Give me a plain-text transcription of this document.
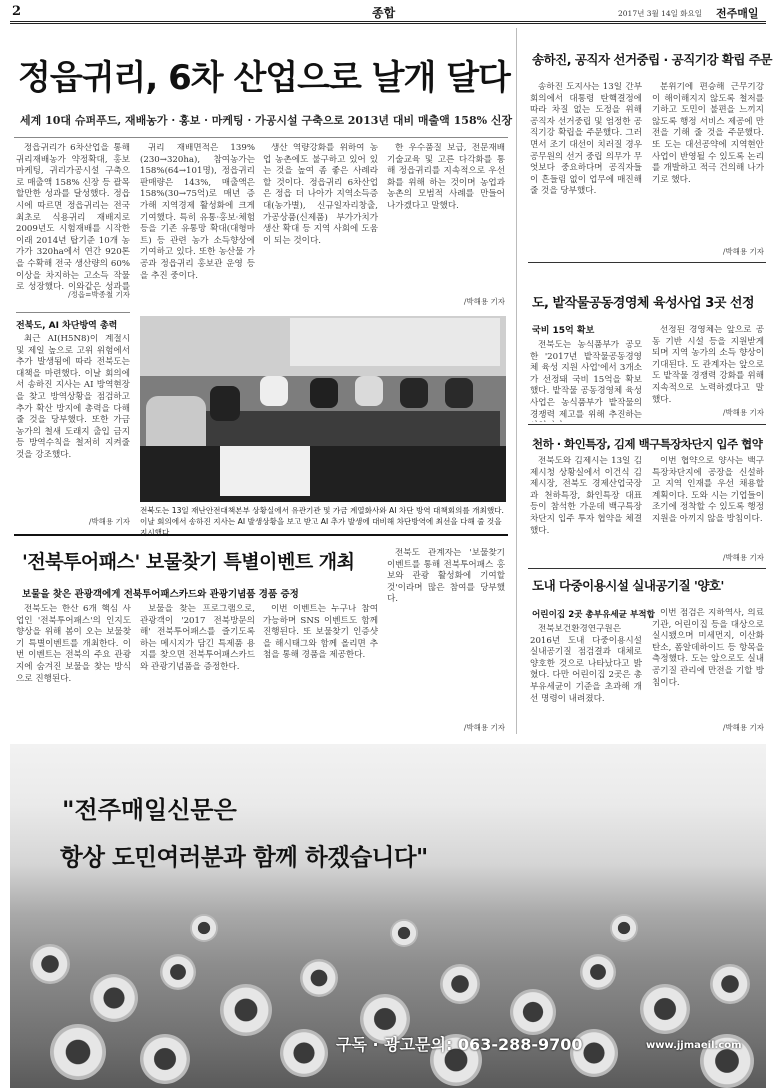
2	종합	2017년 3월 14일 화요일 전주매일
정읍귀리, 6차 산업으로 날개 달다
세계 10대 슈퍼푸드, 재배농가 · 홍보 · 마케팅 · 가공시설 구축으로 2013년 대비 매출액 158% 신장

정읍귀리가 6차산업을 통해 귀리재배농가 약정확대, 홍보마케팅, 귀리가공시설 구축으로 매출액 158% 신장 등 괄목할만한 성과를 달성했다. 정읍시에 따르면 정읍귀리는 전국 최초로 식용귀리 재배지로 2009년도 시험재배를 시작한 이래 2014년 탑기준 10개 농가가 320ha에서 연간 920톤을 수확해 전국 생산량의 60%이상을 차지하는 고소득 작물로 성장했다. 이와같은 성과를

귀리 재배면적은 139%(230→320ha), 참여농가는 158%(64→101명), 정읍귀리판매량은 143%, 매출액은 158%(30→75억)로 매년 증가해 지역경제 활성화에 크게 기여했다. 특히 유통·홍보·체험 등을 기존 유통망 확대(대형마트) 등 관련 농가 소득향상에 기여하고 있다. 또한 농산물 가공과 정읍귀리 홍보관 운영 등을 추진 중이다.

생산 역량강화를 위하여 농업 농촌에도 불구하고 있어 있는 것을 높여 좀 좋은 사례라 할 것이다. 정읍귀리 6차산업은 정읍 더 나아가 지역소득증대(농가별), 신규일자리창출, 가공상품(신제품) 부가가치가 생산 확대 등 지역 사회에 도움이 되는 것이다.

한 우수품질 보급, 전문재배기술교육 및 고른 다각화를 통해 정읍귀리를 지속적으로 우선화를 위해 하는 것이며 농업과 농촌의 모범적 사례를 만들어 나가겠다고 말했다.

/정읍=박종철 기자
/박해용 기자
전북도, AI 차단방역 총력

최근 AI(H5N8)이 계절시 및 제일 높으로 고위 위험에서 추가 발생됨에 따라 전북도는 대책을 마련했다. 이날 회의에서 송하진 지사는 AI 방역현장을 찾고 방역상황을 점검하고 추가 확산 방지에 총력을 다해 줄 것을 당부했다. 또한 가금 농가의 철새 도래지 출입 금지 등 방역수칙을 철저히 지켜줄 것을 강조했다.

/박해용 기자
전북도는 13일 재난안전대책본부 상황실에서 유관기관 및 가금 계열화사와 AI 차단 방역 대책회의를 개최했다. 이날 회의에서 송하진 지사는 AI 발생상황을 보고 받고 AI 추가 발생에 대비해 차단방역에 최선을 다해 줄 것을 지시했다.
'전북투어패스' 보물찾기 특별이벤트 개최
보물을 찾은 관광객에게 전북투어패스카드와 관광기념품 경품 증정

전북도는 한산 6개 핵심 사업인 '전북투어패스'의 인지도 향상을 위해 봄이 오는 보물찾기 특별이벤트를 개최한다. 이번 이벤트는 전북의 주요 관광지에 숨겨진 보물을 찾는 방식으로 진행된다.

보물을 찾는 프로그램으로, 관광객이 '2017 전북방문의 해' 전북투어패스를 즐기도록 하는 메시지가 담긴 특제품 용지를 찾으면 전북투어패스카드와 관광기념품을 증정한다.

이번 이벤트는 누구나 참여 가능하며 SNS 이벤트도 함께 진행된다. 또 보물찾기 인증샷을 해시태그와 함께 올리면 추첨을 통해 경품을 제공한다.

전북도 관계자는 '보물찾기 이벤트를 통해 전북투어패스 홍보와 관광 활성화에 기여할 것'이라며 많은 참여를 당부했다.

/박해용 기자
송하진, 공직자 선거중립 · 공직기강 확립 주문

송하진 도지사는 13일 간부회의에서 대통령 탄핵결정에 따라 차질 없는 도정을 위해 공직자 선거중립 및 엄정한 공직기강 확립을 주문했다. 그러면서 조기 대선이 치러질 경우 공무원의 선거 중립 의무가 무엇보다 중요하다며 공직자들이 흔들림 없이 업무에 매진해 줄 것을 당부했다.

분위기에 편승해 근무기강이 해이해지지 않도록 철저를 기하고 도민이 불편을 느끼지 않도록 행정 서비스 제공에 만전을 기해 줄 것을 주문했다. 또 도는 대선공약에 지역현안 사업이 반영될 수 있도록 논리를 개발하고 적극 건의해 나가기로 했다.

/박해용 기자
도, 밭작물공동경영체 육성사업 3곳 선정
국비 15억 확보

전북도는 농식품부가 공모한 '2017년 밭작물공동경영체 육성 지원 사업'에서 3개소가 선정돼 국비 15억을 확보했다. 밭작물 공동경영체 육성사업은 농식품부가 밭작물의 경쟁력 제고를 위해 추진하는

선정된 경영체는 앞으로 공동 기반 시설 등을 지원받게 되며 지역 농가의 소득 향상이 기대된다. 도 관계자는 앞으로도 밭작물 경쟁력 강화를 위해 지속적으로 노력하겠다고 말했다.

/박해용 기자
천하 · 화인특장, 김제 백구특장차단지 입주 협약

전북도와 김제시는 13일 김제시청 상황실에서 이건식 김제시장, 전북도 경제산업국장과 천하특장, 화인특장 대표 등이 참석한 가운데 백구특장차단지 입주 투자 협약을 체결했다.

이번 협약으로 양사는 백구특장차단지에 공장을 신설하고 지역 인재를 우선 채용할 계획이다. 도와 시는 기업들이 조기에 정착할 수 있도록 행정지원을 아끼지 않을 방침이다.

/박해용 기자
도내 다중이용시설 실내공기질 '양호'
어린이집 2곳 총부유세균 부적합

전북보건환경연구원은 2016년 도내 다중이용시설 실내공기질 점검결과 대체로 양호한 것으로 나타났다고 밝혔다. 다만 어린이집 2곳은 총부유세균이 기준을 초과해 개선 명령이 내려졌다.

이번 점검은 지하역사, 의료기관, 어린이집 등을 대상으로 실시됐으며 미세먼지, 이산화탄소, 폼알데하이드 등 항목을 측정했다. 도는 앞으로도 실내공기질 관리에 만전을 기할 방침이다.

/박해용 기자
"전주매일신문은
항상 도민여러분과 함께 하겠습니다"
구독 · 광고문의: 063-288-9700	www.jjmaeil.com
